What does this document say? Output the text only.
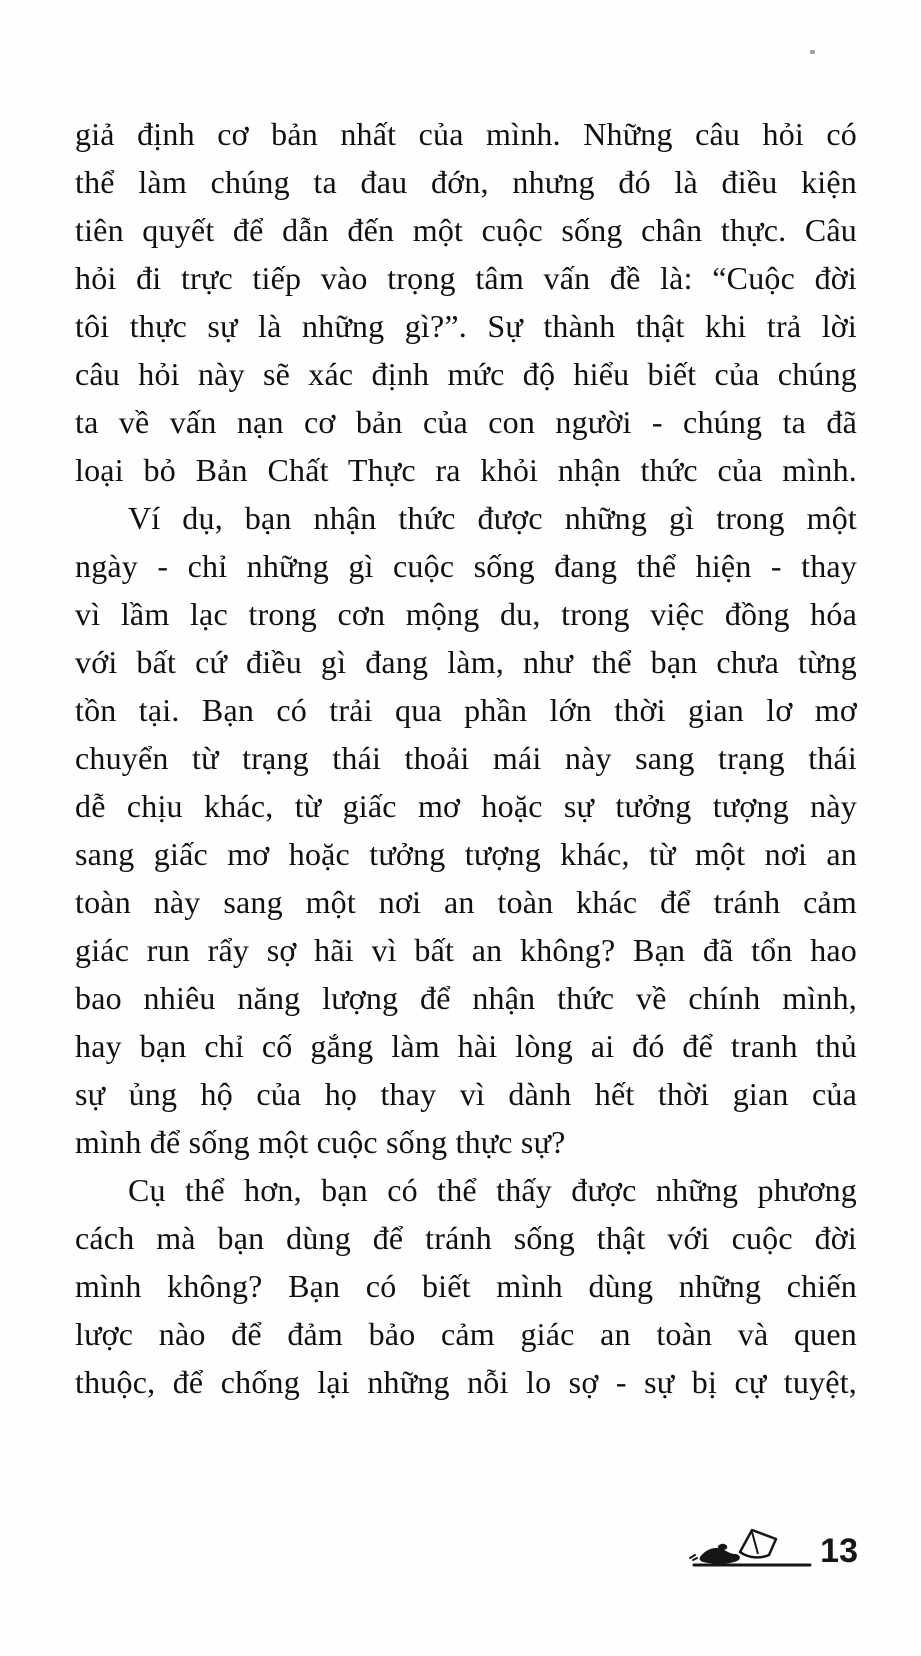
giả định cơ bản nhất của mình. Những câu hỏi có
thể làm chúng ta đau đớn, nhưng đó là điều kiện
tiên quyết để dẫn đến một cuộc sống chân thực. Câu
hỏi đi trực tiếp vào trọng tâm vấn đề là: “Cuộc đời
tôi thực sự là những gì?”. Sự thành thật khi trả lời
câu hỏi này sẽ xác định mức độ hiểu biết của chúng
ta về vấn nạn cơ bản của con người - chúng ta đã
loại bỏ Bản Chất Thực ra khỏi nhận thức của mình.
Ví dụ, bạn nhận thức được những gì trong một
ngày - chỉ những gì cuộc sống đang thể hiện - thay
vì lầm lạc trong cơn mộng du, trong việc đồng hóa
với bất cứ điều gì đang làm, như thể bạn chưa từng
tồn tại. Bạn có trải qua phần lớn thời gian lơ mơ
chuyển từ trạng thái thoải mái này sang trạng thái
dễ chịu khác, từ giấc mơ hoặc sự tưởng tượng này
sang giấc mơ hoặc tưởng tượng khác, từ một nơi an
toàn này sang một nơi an toàn khác để tránh cảm
giác run rẩy sợ hãi vì bất an không? Bạn đã tổn hao
bao nhiêu năng lượng để nhận thức về chính mình,
hay bạn chỉ cố gắng làm hài lòng ai đó để tranh thủ
sự ủng hộ của họ thay vì dành hết thời gian của
mình để sống một cuộc sống thực sự?
Cụ thể hơn, bạn có thể thấy được những phương
cách mà bạn dùng để tránh sống thật với cuộc đời
mình không? Bạn có biết mình dùng những chiến
lược nào để đảm bảo cảm giác an toàn và quen
thuộc, để chống lại những nỗi lo sợ - sự bị cự tuyệt,
13
